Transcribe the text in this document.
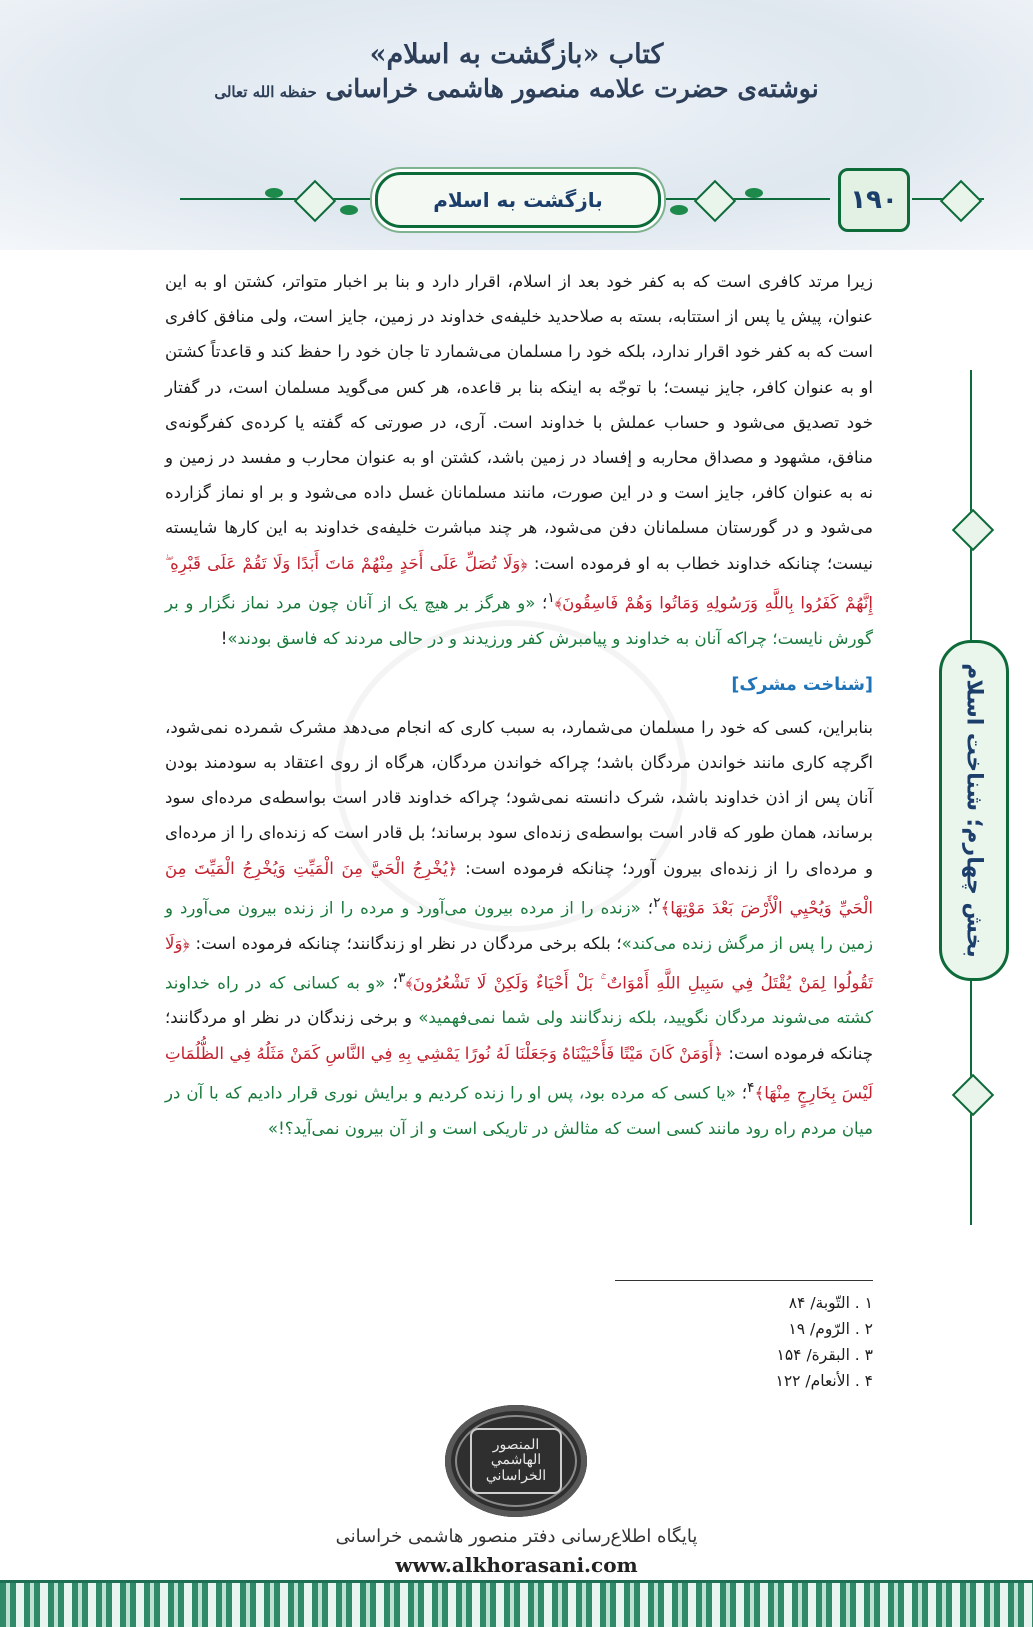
کتاب «بازگشت به اسلام»
نوشته‌ی حضرت علامه منصور هاشمی خراسانی حفظه الله تعالی
بازگشت به اسلام	۱۹۰
بخش چهارم؛ شناخت اسلام

زیرا مرتد کافری است که به کفر خود بعد از اسلام، اقرار دارد و بنا بر اخبار متواتر، کشتن او به این عنوان، پیش یا پس از استتابه، بسته به صلاحدید خلیفه‌ی خداوند در زمین، جایز است، ولی منافق کافری است که به کفر خود اقرار ندارد، بلکه خود را مسلمان می‌شمارد تا جان خود را حفظ کند و قاعدتاً کشتن او به عنوان کافر، جایز نیست؛ با توجّه به اینکه بنا بر قاعده، هر کس می‌گوید مسلمان است، در گفتار خود تصدیق می‌شود و حساب عملش با خداوند است. آری، در صورتی که گفته یا کرده‌ی کفرگونه‌ی منافق، مشهود و مصداق محاربه و إفساد در زمین باشد، کشتن او به عنوان محارب و مفسد در زمین و نه به عنوان کافر، جایز است و در این صورت، مانند مسلمانان غسل داده می‌شود و بر او نماز گزارده می‌شود و در گورستان مسلمانان دفن می‌شود، هر چند مباشرت خلیفه‌ی خداوند به این کارها شایسته نیست؛ چنانکه خداوند خطاب به او فرموده است: ﴿وَلَا تُصَلِّ عَلَى أَحَدٍ مِنْهُمْ مَاتَ أَبَدًا وَلَا تَقُمْ عَلَى قَبْرِهِ ۖ إِنَّهُمْ كَفَرُوا بِاللَّهِ وَرَسُولِهِ وَمَاتُوا وَهُمْ فَاسِقُونَ﴾$^۱$؛ «و هرگز بر هیچ یک از آنان چون مرد نماز نگزار و بر گورش نایست؛ چراکه آنان به خداوند و پیامبرش کفر ورزیدند و در حالی مردند که فاسق بودند»!

[شناخت مشرک]

بنابراین، کسی که خود را مسلمان می‌شمارد، به سبب کاری که انجام می‌دهد مشرک شمرده نمی‌شود، اگرچه کاری مانند خواندن مردگان باشد؛ چراکه خواندن مردگان، هرگاه از روی اعتقاد به سودمند بودن آنان پس از اذن خداوند باشد، شرک دانسته نمی‌شود؛ چراکه خداوند قادر است بواسطه‌ی مرده‌ای سود برساند، همان طور که قادر است بواسطه‌ی زنده‌ای سود برساند؛ بل قادر است که زنده‌ای را از مرده‌ای و مرده‌ای را از زنده‌ای بیرون آورد؛ چنانکه فرموده است: ﴿يُخْرِجُ الْحَيَّ مِنَ الْمَيِّتِ وَيُخْرِجُ الْمَيِّتَ مِنَ الْحَيِّ وَيُحْيِي الْأَرْضَ بَعْدَ مَوْتِهَا﴾$^۲$؛ «زنده را از مرده بیرون می‌آورد و مرده را از زنده بیرون می‌آورد و زمین را پس از مرگش زنده می‌کند»؛ بلکه برخی مردگان در نظر او زندگانند؛ چنانکه فرموده است: ﴿وَلَا تَقُولُوا لِمَنْ يُقْتَلُ فِي سَبِيلِ اللَّهِ أَمْوَاتٌ ۚ بَلْ أَحْيَاءٌ وَلَكِنْ لَا تَشْعُرُونَ﴾$^۳$؛ «و به کسانی که در راه خداوند کشته می‌شوند مردگان نگویید، بلکه زندگانند ولی شما نمی‌فهمید» و برخی زندگان در نظر او مردگانند؛ چنانکه فرموده است: ﴿أَوَمَنْ كَانَ مَيْتًا فَأَحْيَيْنَاهُ وَجَعَلْنَا لَهُ نُورًا يَمْشِي بِهِ فِي النَّاسِ كَمَنْ مَثَلُهُ فِي الظُّلُمَاتِ لَيْسَ بِخَارِجٍ مِنْهَا﴾$^۴$؛ «یا کسی که مرده بود، پس او را زنده کردیم و برایش نوری قرار دادیم که با آن در میان مردم راه رود مانند کسی است که مثالش در تاریکی است و از آن بیرون نمی‌آید؟!»

۱ . التّوبة/ ۸۴
۲ . الرّوم/ ۱۹
۳ . البقرة/ ۱۵۴
۴ . الأنعام/ ۱۲۲
المنصور الهاشمي الخراساني
پایگاه اطلاع‌رسانی دفتر منصور هاشمی خراسانی
www.alkhorasani.com
